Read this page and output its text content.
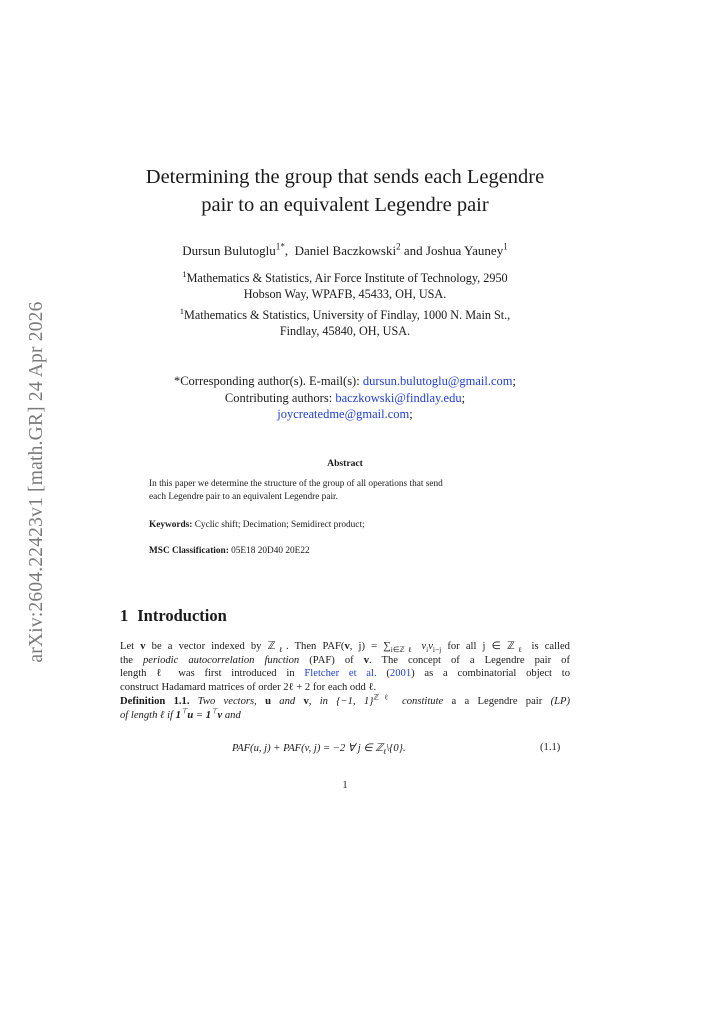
arXiv:2604.22423v1 [math.GR] 24 Apr 2026
Determining the group that sends each Legendre
pair to an equivalent Legendre pair
Dursun Bulutoglu$^{1*}$, Daniel Baczkowski$^2$ and Joshua Yauney$^1$
$^1$Mathematics & Statistics, Air Force Institute of Technology, 2950
Hobson Way, WPAFB, 45433, OH, USA.
$^1$Mathematics & Statistics, University of Findlay, 1000 N. Main St.,
Findlay, 45840, OH, USA.
*Corresponding author(s). E-mail(s): dursun.bulutoglu@gmail.com;
Contributing authors: baczkowski@findlay.edu;
joycreatedme@gmail.com;
Abstract
In this paper we determine the structure of the group of all operations that send
each Legendre pair to an equivalent Legendre pair.
Keywords: Cyclic shift; Decimation; Semidirect product;
MSC Classification: 05E18 20D40 20E22
1 Introduction
Let v be a vector indexed by ℤ$_\ell$. Then PAF(v, $j) = \sum_{i\in ℤ\ell}$ $v_iv_{i-j}$ for all j ∈ ℤ$_\ell$ is called
the periodic autocorrelation function (PAF) of v. The concept of a Legendre pair of
length ℓ was first introduced in Fletcher et al. (2001) as a combinatorial object to
construct Hadamard matrices of order 2ℓ + 2 for each odd ℓ.
Definition 1.1. Two vectors, u and v, in {−1, 1}$^{ℤ\ell}$ constitute a a Legendre pair (LP)
of length ℓ if 1⊤u = 1⊤v and
PAF(u, j) + PAF(v, j) = −2 ∀ j ∈ ℤ$_\ell$\{0}.	(1.1)
1
